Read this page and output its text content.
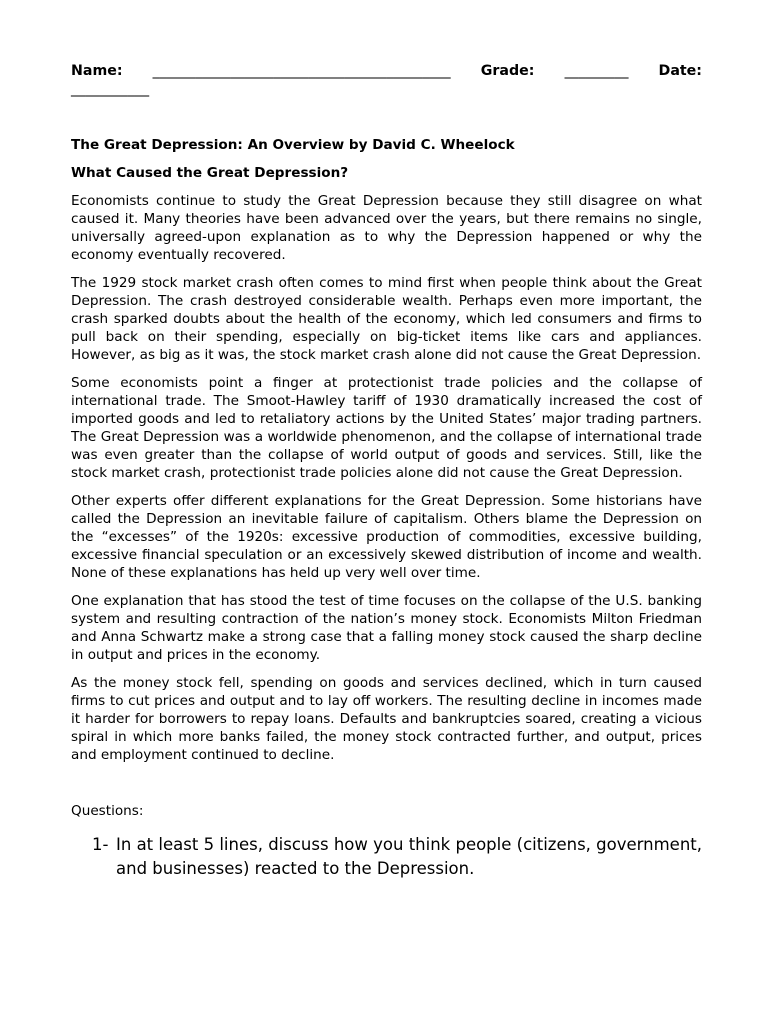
Name: __________________________________________ Grade: _________ Date:
___________
The Great Depression: An Overview by David C. Wheelock
What Caused the Great Depression?
Economists continue to study the Great Depression because they still disagree on what caused it. Many theories have been advanced over the years, but there remains no single, universally agreed-upon explanation as to why the Depression happened or why the economy eventually recovered.
The 1929 stock market crash often comes to mind first when people think about the Great Depression. The crash destroyed considerable wealth. Perhaps even more important, the crash sparked doubts about the health of the economy, which led consumers and firms to pull back on their spending, especially on big-ticket items like cars and appliances. However, as big as it was, the stock market crash alone did not cause the Great Depression.
Some economists point a finger at protectionist trade policies and the collapse of international trade. The Smoot-Hawley tariff of 1930 dramatically increased the cost of imported goods and led to retaliatory actions by the United States’ major trading partners. The Great Depression was a worldwide phenomenon, and the collapse of international trade was even greater than the collapse of world output of goods and services. Still, like the stock market crash, protectionist trade policies alone did not cause the Great Depression.
Other experts offer different explanations for the Great Depression. Some historians have called the Depression an inevitable failure of capitalism. Others blame the Depression on the “excesses” of the 1920s: excessive production of commodities, excessive building, excessive financial speculation or an excessively skewed distribution of income and wealth. None of these explanations has held up very well over time.
One explanation that has stood the test of time focuses on the collapse of the U.S. banking system and resulting contraction of the nation’s money stock. Economists Milton Friedman and Anna Schwartz make a strong case that a falling money stock caused the sharp decline in output and prices in the economy.
As the money stock fell, spending on goods and services declined, which in turn caused firms to cut prices and output and to lay off workers. The resulting decline in incomes made it harder for borrowers to repay loans. Defaults and bankruptcies soared, creating a vicious spiral in which more banks failed, the money stock contracted further, and output, prices and employment continued to decline.
Questions:
1- In at least 5 lines, discuss how you think people (citizens, government, and businesses) reacted to the Depression.
